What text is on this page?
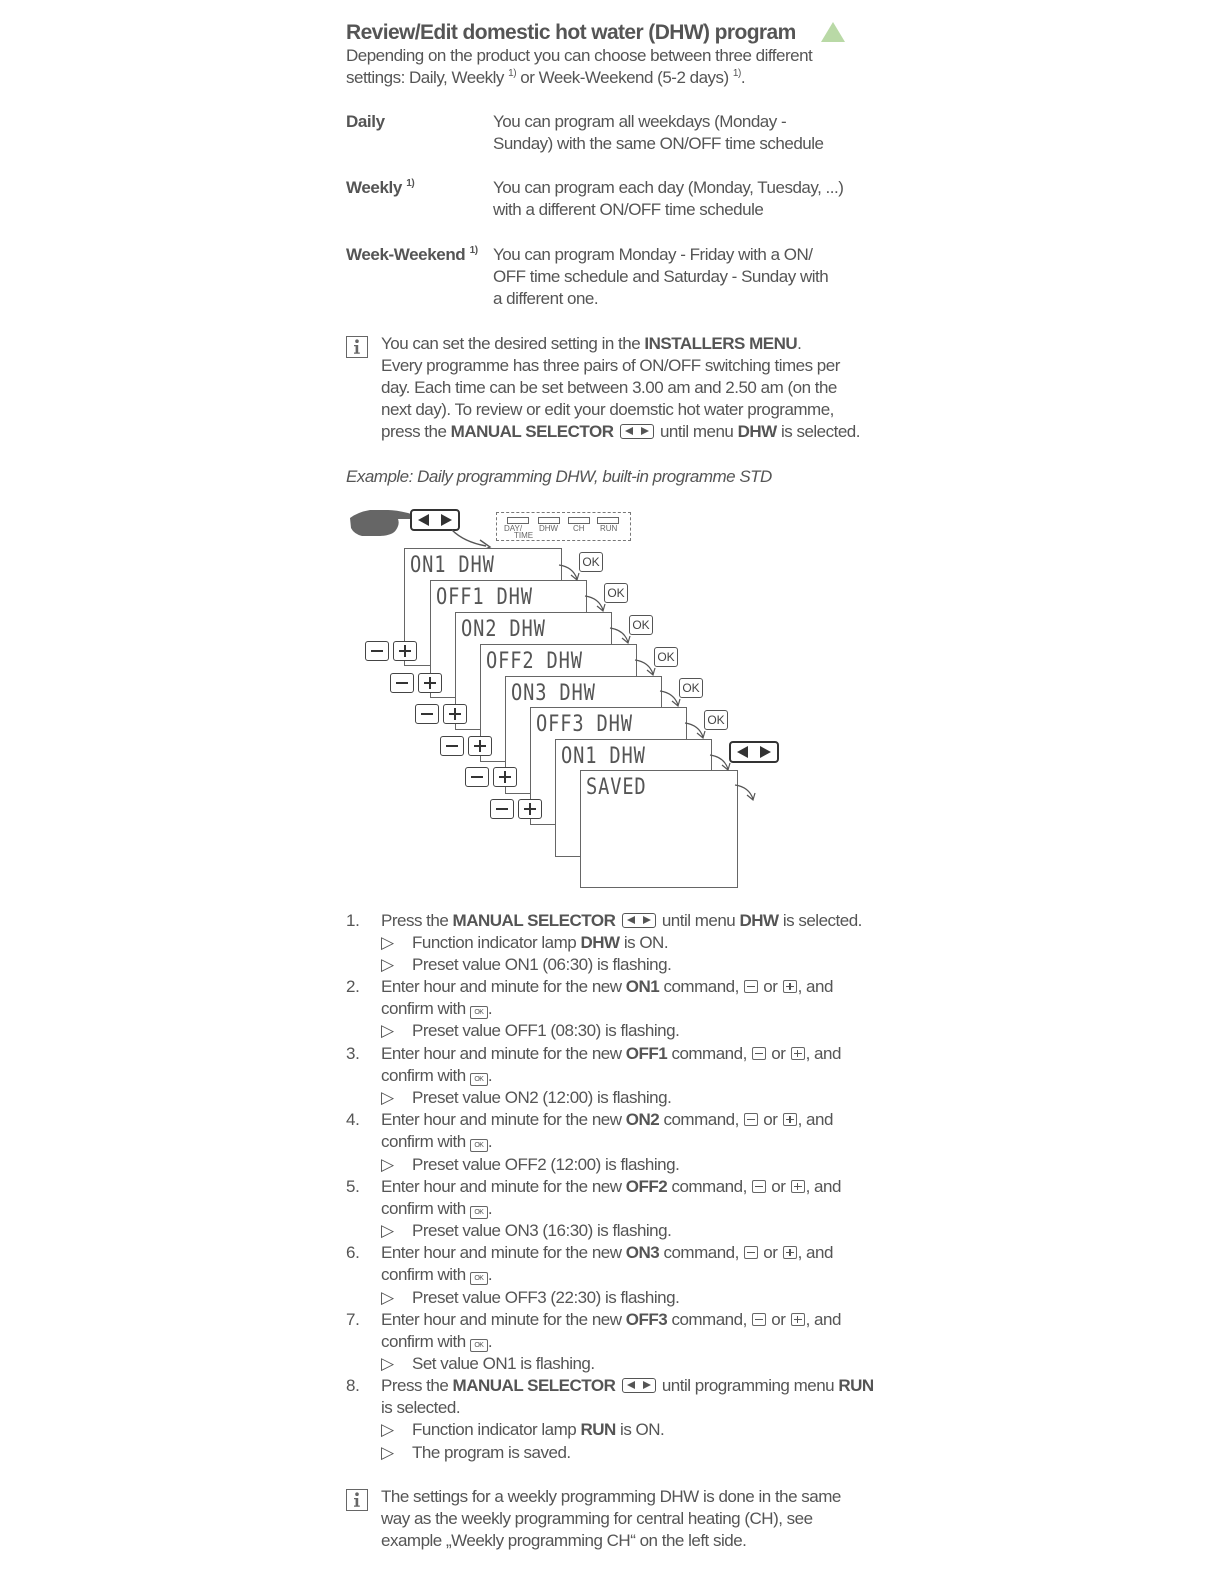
Review/Edit domestic hot water (DHW) program
Depending on the product you can choose between three different
settings: Daily, Weekly $^{1)}$ or Week-Weekend (5-2 days) $^{1)}$.
Daily	You can program all weekdays (Monday -
Sunday) with the same ON/OFF time schedule
Weekly $^{1)}$	You can program each day (Monday, Tuesday, ...)
with a different ON/OFF time schedule
Week-Weekend $^{1)}$ You can program Monday - Friday with a ON/
OFF time schedule and Saturday - Sunday with
a different one.
You can set the desired setting in the INSTALLERS MENU.
Every programme has three pairs of ON/OFF switching times per
day. Each time can be set between 3.00 am and 2.50 am (on the
next day). To review or edit your doemstic hot water programme,
press the MANUAL SELECTOR  until menu DHW is selected.
Example: Daily programming DHW, built-in programme STD
DAY/
TIME
DHW CH RUN
ON1 DHW
OFF1 DHW
ON2 DHW
OFF2 DHW
ON3 DHW
OFF3 DHW
ON1 DHW
SAVED
OK
OK
OK
OK
OK
OK
1. Press the MANUAL SELECTOR  until menu DHW is selected.
▷ Function indicator lamp DHW is ON.
▷ Preset value ON1 (06:30) is flashing.
2. Enter hour and minute for the new ON1 command,  or , and
confirm with OK .
▷ Preset value OFF1 (08:30) is flashing.
3. Enter hour and minute for the new OFF1 command,  or , and
confirm with OK .
▷ Preset value ON2 (12:00) is flashing.
4. Enter hour and minute for the new ON2 command,  or , and
confirm with OK .
▷ Preset value OFF2 (12:00) is flashing.
5. Enter hour and minute for the new OFF2 command,  or , and
confirm with OK .
▷ Preset value ON3 (16:30) is flashing.
6. Enter hour and minute for the new ON3 command,  or , and
confirm with OK .
▷ Preset value OFF3 (22:30) is flashing.
7. Enter hour and minute for the new OFF3 command,  or , and
confirm with OK .
▷ Set value ON1 is flashing.
8. Press the MANUAL SELECTOR  until programming menu RUN
is selected.
▷ Function indicator lamp RUN is ON.
▷ The program is saved.
The settings for a weekly programming DHW is done in the same
way as the weekly programming for central heating (CH), see
example „Weekly programming CH“ on the left side.
